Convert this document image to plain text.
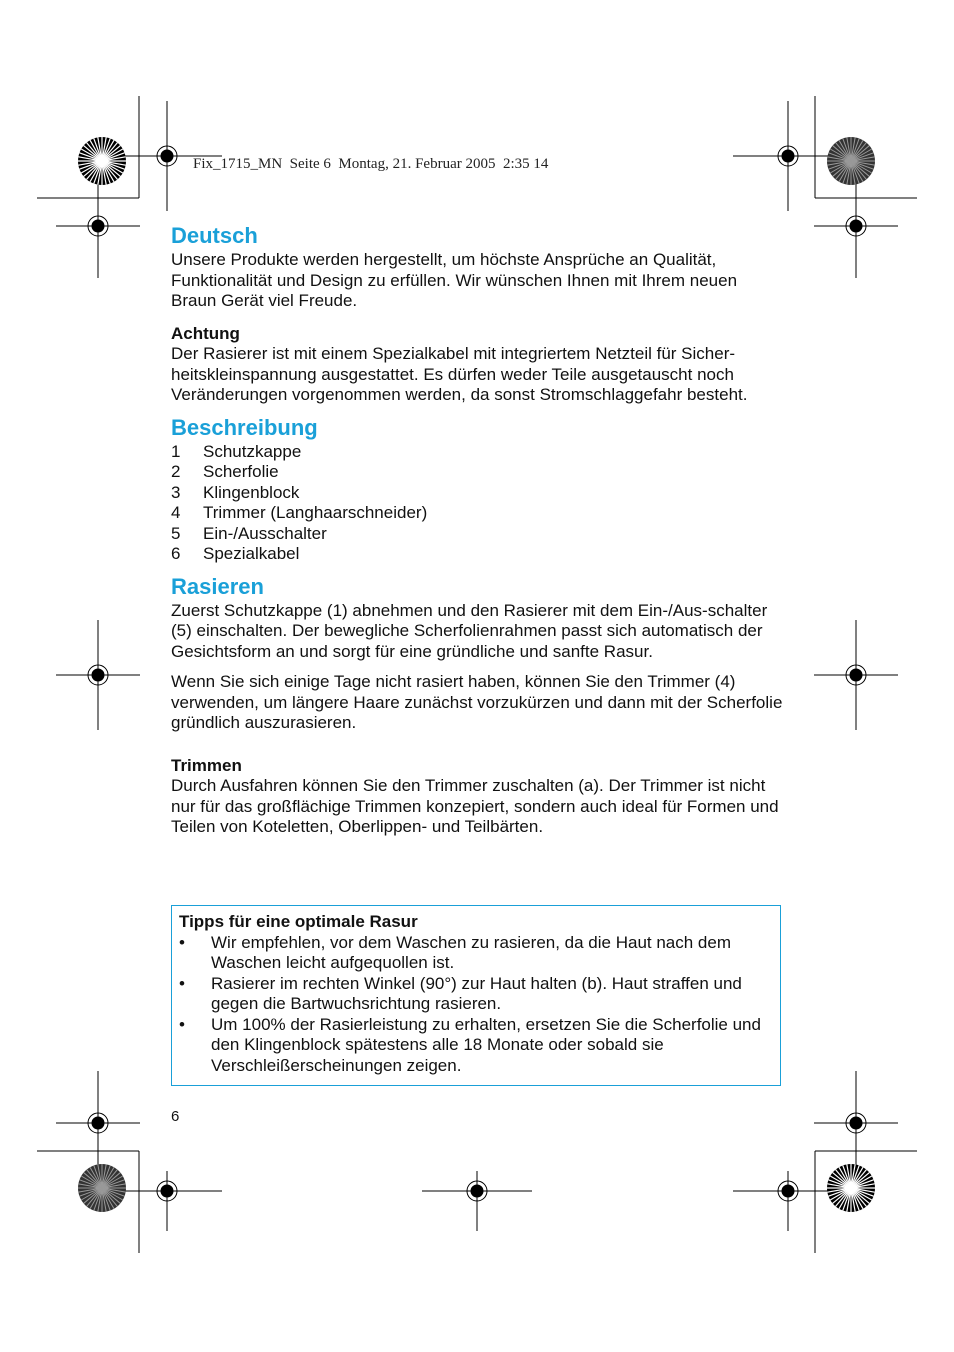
Fix_1715_MN  Seite 6  Montag, 21. Februar 2005  2:35 14
Deutsch

Unsere Produkte werden hergestellt, um höchste Ansprüche an Qualität, Funktionalität und Design zu erfüllen. Wir wünschen Ihnen mit Ihrem neuen Braun Gerät viel Freude.

Achtung

Der Rasierer ist mit einem Spezialkabel mit integriertem Netzteil für Sicher-heitskleinspannung ausgestattet. Es dürfen weder Teile ausgetauscht noch Veränderungen vorgenommen werden, da sonst Stromschlaggefahr besteht.

Beschreibung
1	Schutzkappe
2	Scherfolie
3	Klingenblock
4	Trimmer (Langhaarschneider)
5	Ein-/Ausschalter
6	Spezialkabel
Rasieren

Zuerst Schutzkappe (1) abnehmen und den Rasierer mit dem Ein-/Aus-schalter (5) einschalten. Der bewegliche Scherfolienrahmen passt sich automatisch der Gesichtsform an und sorgt für eine gründliche und sanfte Rasur.

Wenn Sie sich einige Tage nicht rasiert haben, können Sie den Trimmer (4) verwenden, um längere Haare zunächst vorzukürzen und dann mit der Scherfolie gründlich auszurasieren.

Trimmen

Durch Ausfahren können Sie den Trimmer zuschalten (a). Der Trimmer ist nicht nur für das großflächige Trimmen konzepiert, sondern auch ideal für Formen und Teilen von Koteletten, Oberlippen- und Teilbärten.

Tipps für eine optimale Rasur

•	Wir empfehlen, vor dem Waschen zu rasieren, da die Haut nach dem Waschen leicht aufgequollen ist.
•	Rasierer im rechten Winkel (90°) zur Haut halten (b). Haut straffen und gegen die Bartwuchsrichtung rasieren.
•	Um 100% der Rasierleistung zu erhalten, ersetzen Sie die Scherfolie und den Klingenblock spätestens alle 18 Monate oder sobald sie Verschleißerscheinungen zeigen.
6
